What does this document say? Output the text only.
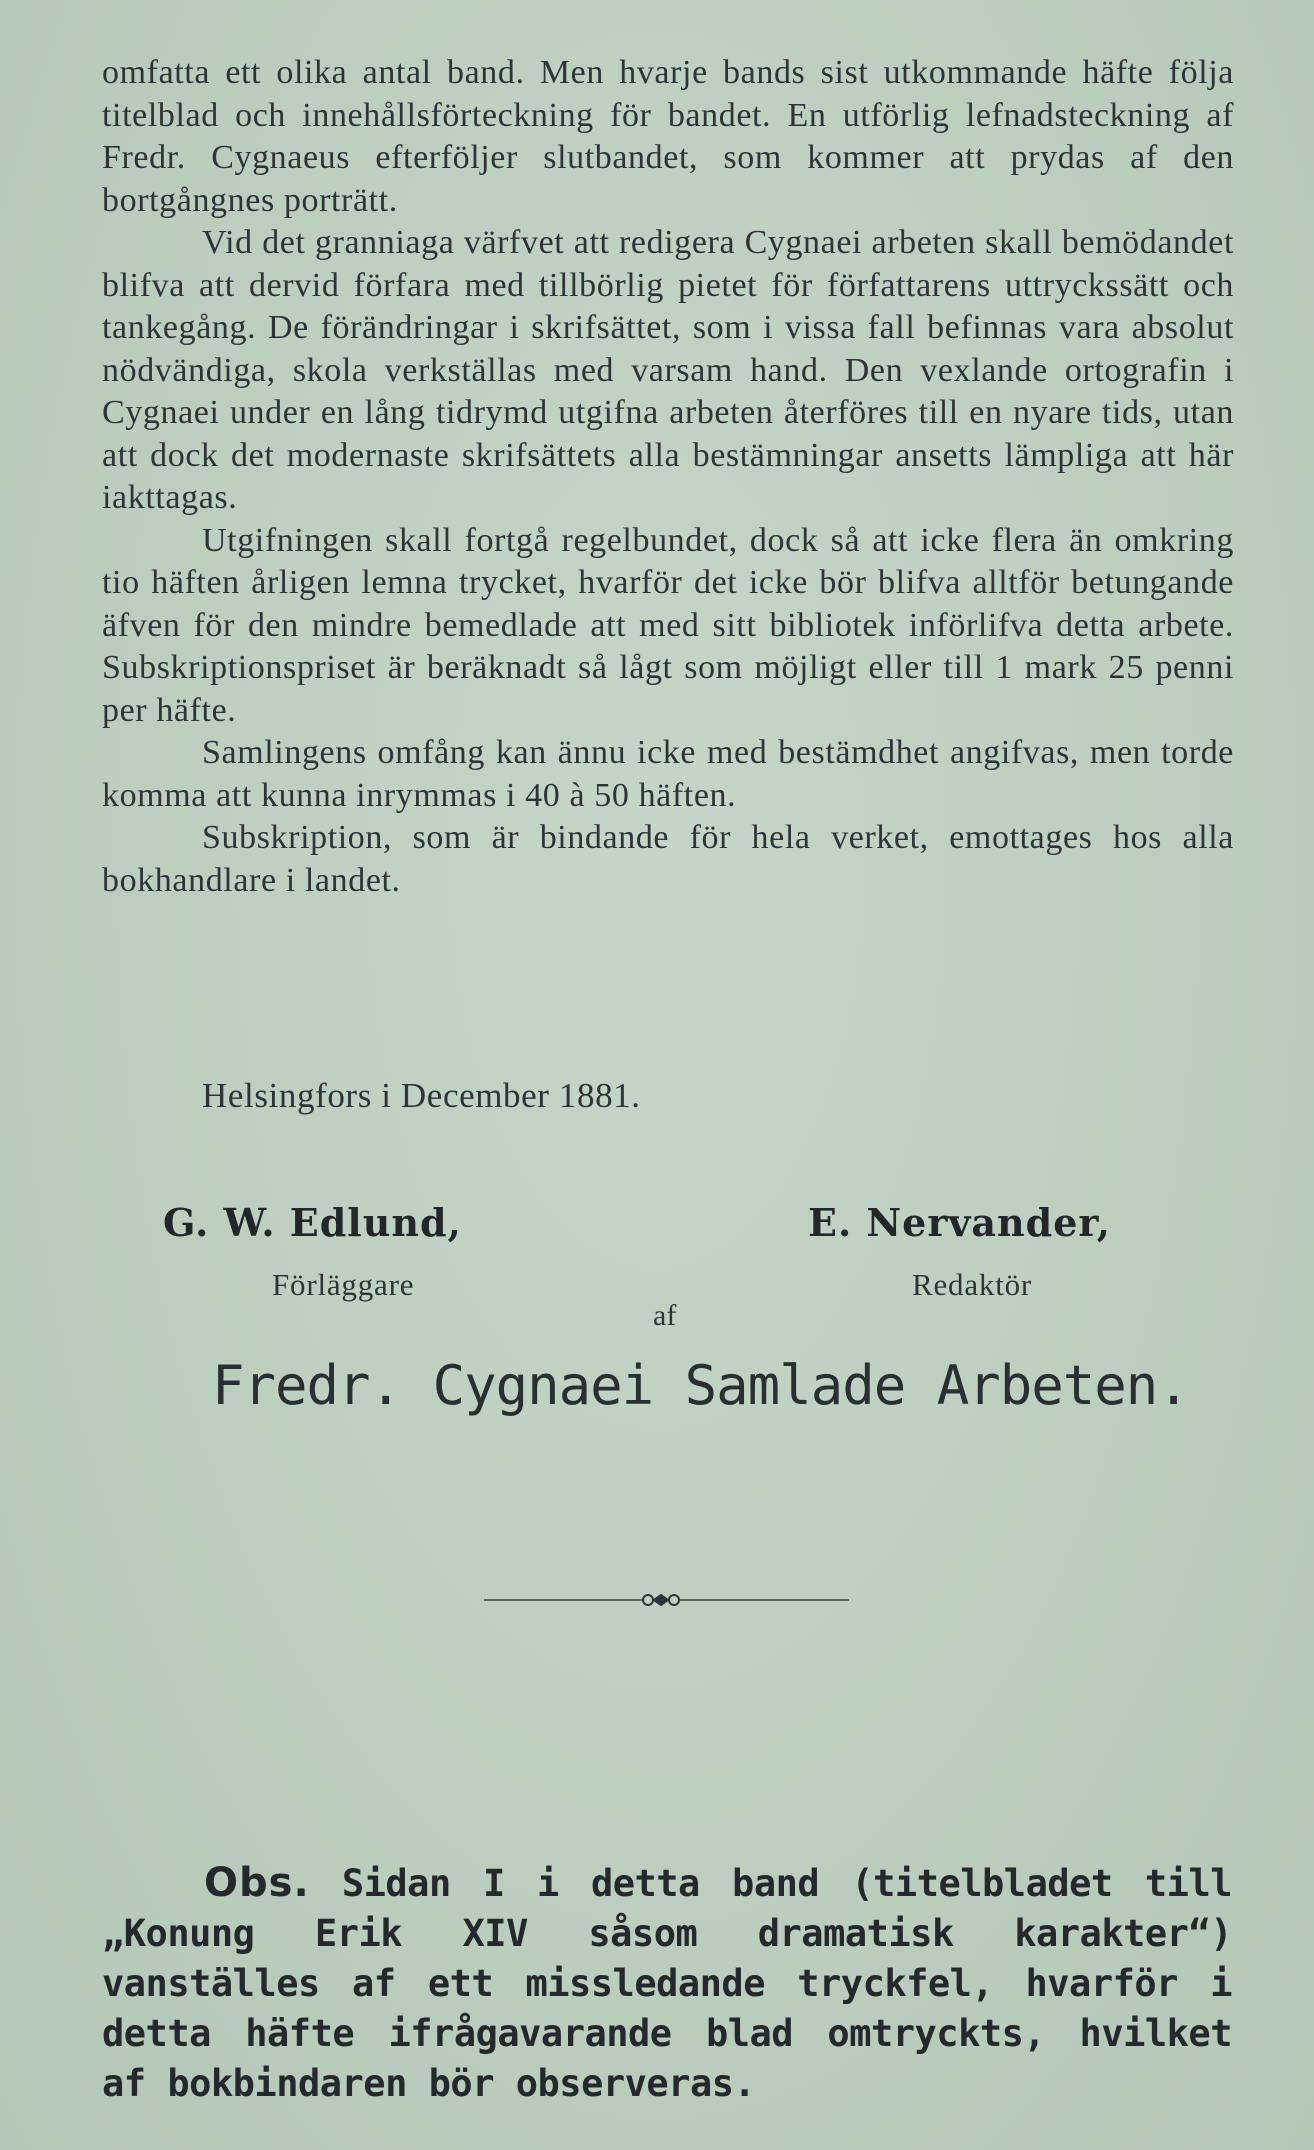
omfatta ett olika antal band. Men hvarje bands sist utkommande häfte följa titelblad och innehållsförteckning för bandet. En utförlig lefnadsteckning af Fredr. Cygnaeus efterföljer slutbandet, som kommer att prydas af den bortgångnes porträtt.

Vid det granniaga värfvet att redigera Cygnaei arbeten skall bemödandet blifva att dervid förfara med tillbörlig pietet för författarens uttryckssätt och tankegång. De förändringar i skrifsättet, som i vissa fall befinnas vara absolut nödvändiga, skola verkställas med varsam hand. Den vexlande ortografin i Cygnaei under en lång tidrymd utgifna arbeten återföres till en nyare tids, utan att dock det modernaste skrifsättets alla bestämningar ansetts lämpliga att här iakttagas.

Utgifningen skall fortgå regelbundet, dock så att icke flera än omkring tio häften årligen lemna trycket, hvarför det icke bör blifva alltför betungande äfven för den mindre bemedlade att med sitt bibliotek införlifva detta arbete. Subskriptionspriset är beräknadt så lågt som möjligt eller till 1 mark 25 penni per häfte.

Samlingens omfång kan ännu icke med bestämdhet angifvas, men torde komma att kunna inrymmas i 40 à 50 häften.

Subskription, som är bindande för hela verket, emottages hos alla bokhandlare i landet.

Helsingfors i December 1881.
G. W. Edlund,	E. Nervander,
Förläggare	Redaktör
af
Fredr. Cygnaei Samlade Arbeten.
Obs. Sidan I i detta band (titelbladet till „Konung Erik XIV såsom dramatisk karakter“) vanställes af ett missledande tryckfel, hvarför i detta häfte ifrågavarande blad omtryckts, hvilket af bokbindaren bör observeras.
